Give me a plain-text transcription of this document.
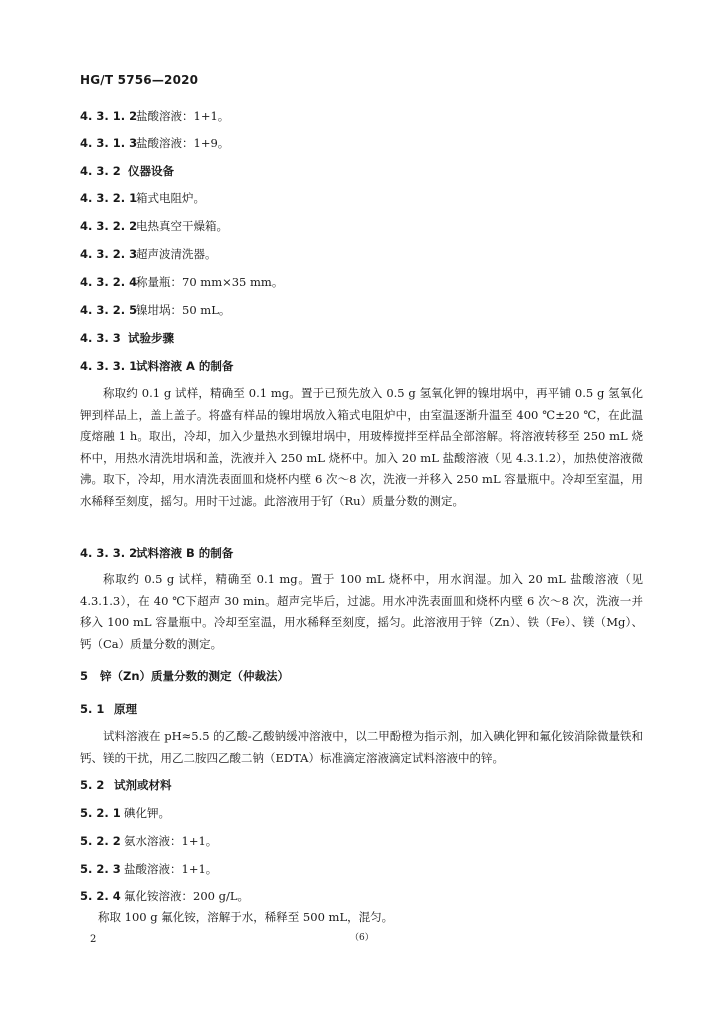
HG/T 5756—2020
4. 3. 1. 2盐酸溶液：1+1。
4. 3. 1. 3盐酸溶液：1+9。
4. 3. 2 仪器设备
4. 3. 2. 1箱式电阻炉。
4. 3. 2. 2电热真空干燥箱。
4. 3. 2. 3超声波清洗器。
4. 3. 2. 4称量瓶：70 mm×35 mm。
4. 3. 2. 5镍坩埚：50 mL。
4. 3. 3 试验步骤
4. 3. 3. 1试料溶液 A 的制备

称取约 0.1 g 试样，精确至 0.1 mg。置于已预先放入 0.5 g 氢氧化钾的镍坩埚中，再平铺 0.5 g 氢氧化钾到样品上，盖上盖子。将盛有样品的镍坩埚放入箱式电阻炉中，由室温逐渐升温至 400 ℃±20 ℃，在此温度熔融 1 h。取出，冷却，加入少量热水到镍坩埚中，用玻棒搅拌至样品全部溶解。将溶液转移至 250 mL 烧杯中，用热水清洗坩埚和盖，洗液并入 250 mL 烧杯中。加入 20 mL 盐酸溶液（见 4.3.1.2），加热使溶液微沸。取下，冷却，用水清洗表面皿和烧杯内壁 6 次～8 次，洗液一并移入 250 mL 容量瓶中。冷却至室温，用水稀释至刻度，摇匀。用时干过滤。此溶液用于钌（Ru）质量分数的测定。

4. 3. 3. 2试料溶液 B 的制备

称取约 0.5 g 试样，精确至 0.1 mg。置于 100 mL 烧杯中，用水润湿。加入 20 mL 盐酸溶液（见 4.3.1.3），在 40 ℃下超声 30 min。超声完毕后，过滤。用水冲洗表面皿和烧杯内壁 6 次～8 次，洗液一并移入 100 mL 容量瓶中。冷却至室温，用水稀释至刻度，摇匀。此溶液用于锌（Zn）、铁（Fe）、镁（Mg）、钙（Ca）质量分数的测定。

5 锌（Zn）质量分数的测定（仲裁法）
5. 1 原理

试料溶液在 pH≈5.5 的乙酸-乙酸钠缓冲溶液中，以二甲酚橙为指示剂，加入碘化钾和氟化铵消除微量铁和钙、镁的干扰，用乙二胺四乙酸二钠（EDTA）标准滴定溶液滴定试料溶液中的锌。

5. 2 试剂或材料
5. 2. 1 碘化钾。
5. 2. 2 氨水溶液：1+1。
5. 2. 3 盐酸溶液：1+1。
5. 2. 4 氟化铵溶液：200 g/L。
称取 100 g 氟化铵，溶解于水，稀释至 500 mL，混匀。
2	（6）
